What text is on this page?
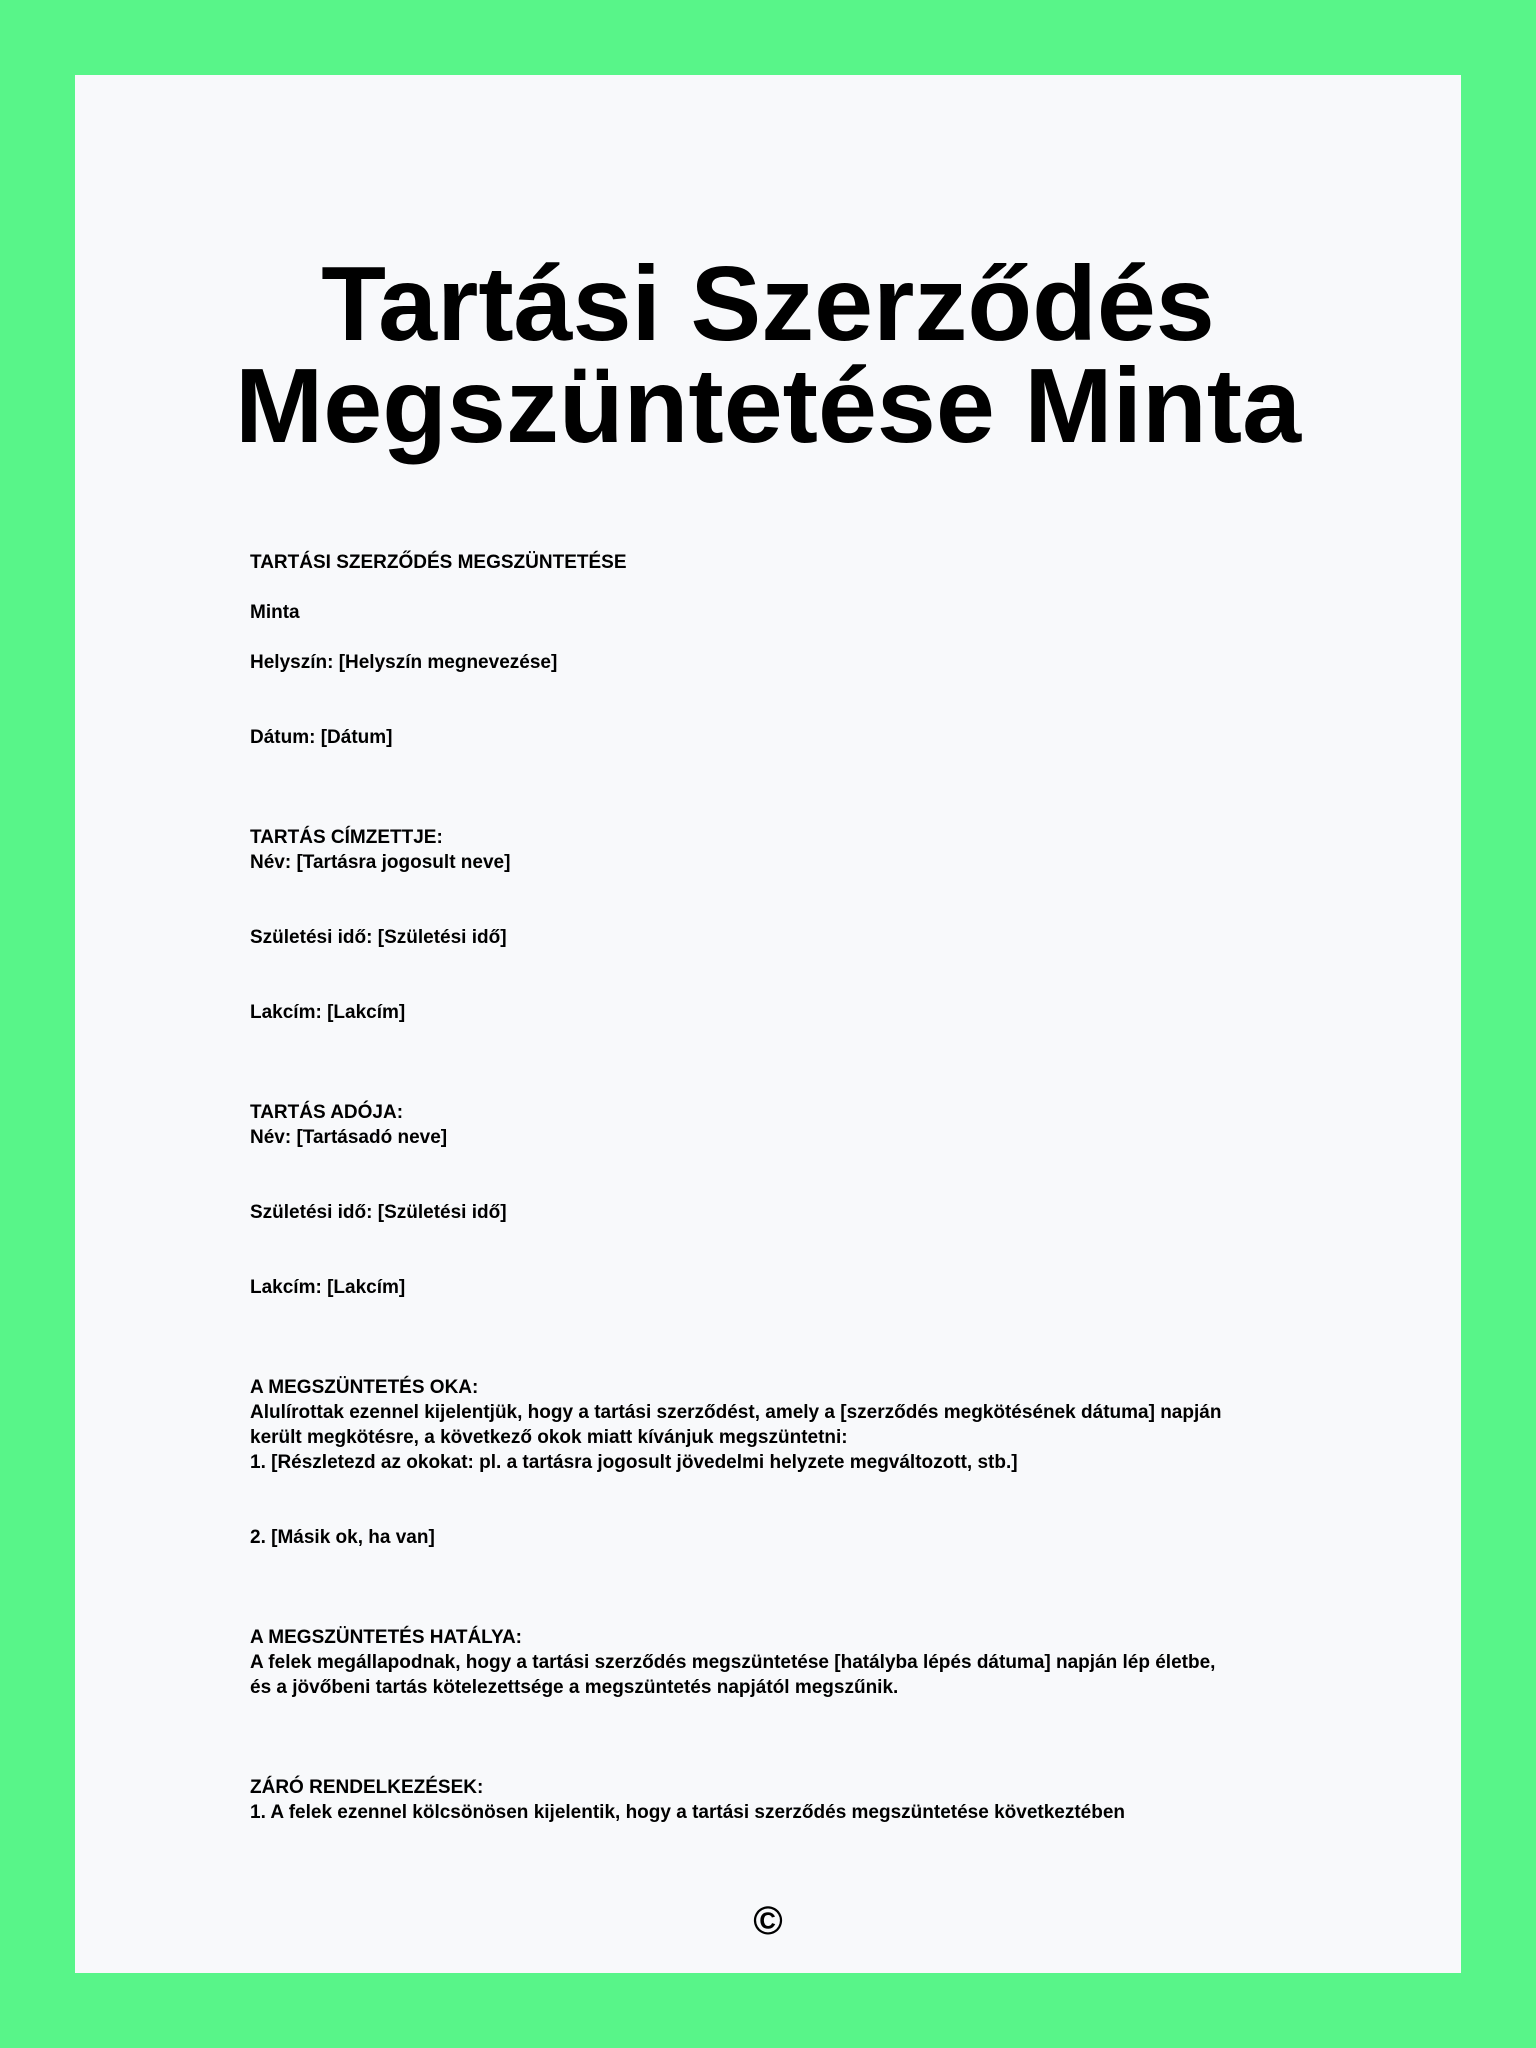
Tartási Szerződés
Megszüntetése Minta
TARTÁSI SZERZŐDÉS MEGSZÜNTETÉSE
Minta
Helyszín: [Helyszín megnevezése]
Dátum: [Dátum]
TARTÁS CÍMZETTJE:
Név: [Tartásra jogosult neve]
Születési idő: [Születési idő]
Lakcím: [Lakcím]
TARTÁS ADÓJA:
Név: [Tartásadó neve]
Születési idő: [Születési idő]
Lakcím: [Lakcím]
A MEGSZÜNTETÉS OKA:
Alulírottak ezennel kijelentjük, hogy a tartási szerződést, amely a [szerződés megkötésének dátuma] napján
került megkötésre, a következő okok miatt kívánjuk megszüntetni:
1. [Részletezd az okokat: pl. a tartásra jogosult jövedelmi helyzete megváltozott, stb.]
2. [Másik ok, ha van]
A MEGSZÜNTETÉS HATÁLYA:
A felek megállapodnak, hogy a tartási szerződés megszüntetése [hatályba lépés dátuma] napján lép életbe,
és a jövőbeni tartás kötelezettsége a megszüntetés napjától megszűnik.
ZÁRÓ RENDELKEZÉSEK:
1. A felek ezennel kölcsönösen kijelentik, hogy a tartási szerződés megszüntetése következtében
©
